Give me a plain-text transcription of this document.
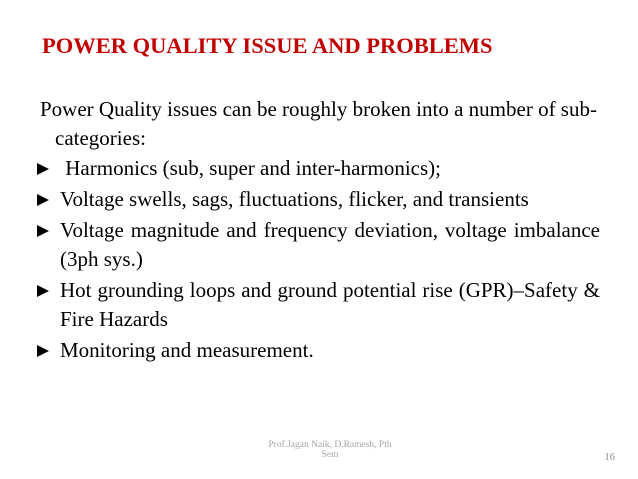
POWER QUALITY ISSUE AND PROBLEMS

Power Quality issues can be roughly broken into a number of sub-categories:

Harmonics (sub, super and inter-harmonics);
Voltage swells, sags, fluctuations, flicker, and transients
Voltage magnitude and frequency deviation, voltage imbalance (3ph sys.)
Hot grounding loops and ground potential rise (GPR)–Safety & Fire Hazards
Monitoring and measurement.
Prof.Jagan Naik, D.Ramesh, Pth
Sem	16
